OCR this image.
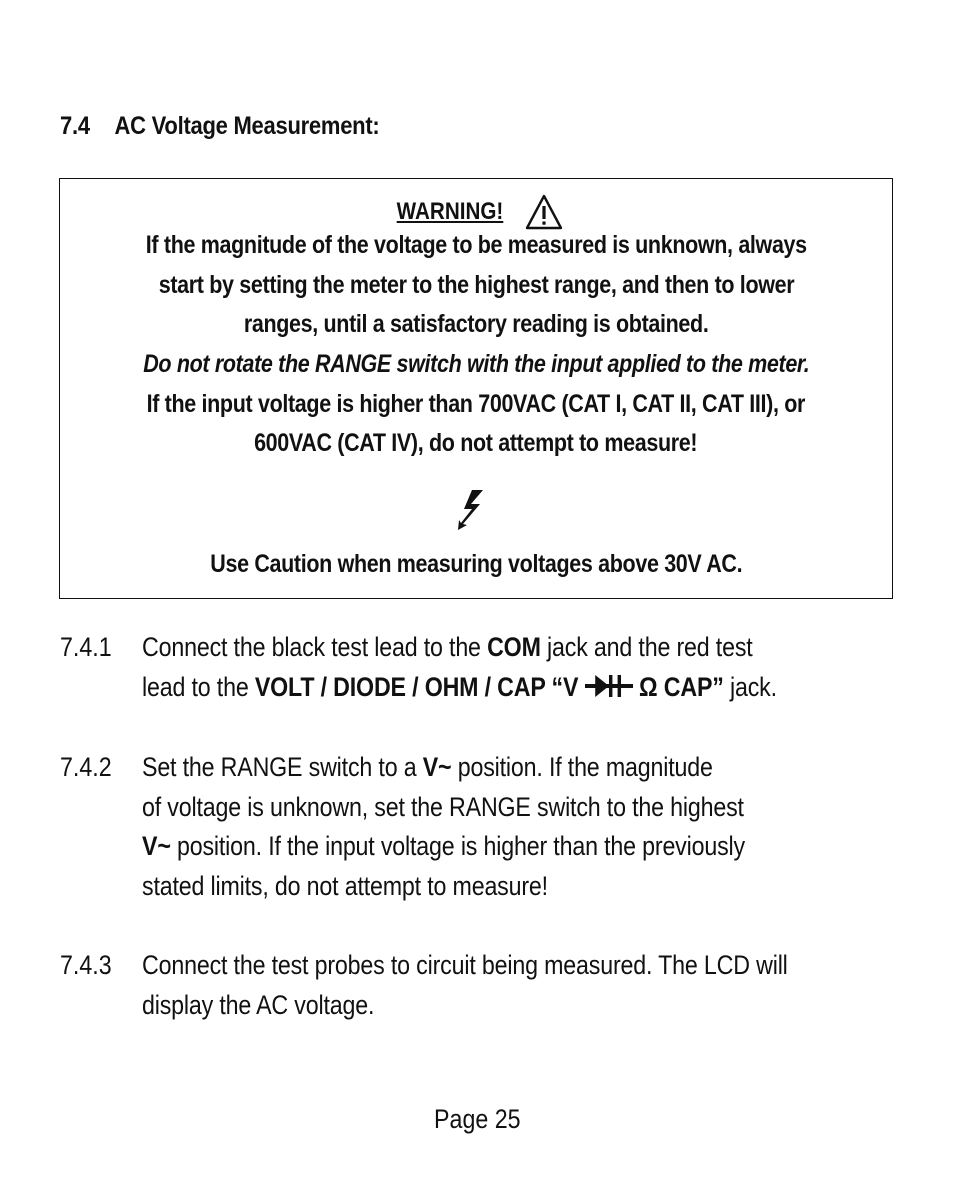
7.4 AC Voltage Measurement:
WARNING!
If the magnitude of the voltage to be measured is unknown, always
start by setting the meter to the highest range, and then to lower
ranges, until a satisfactory reading is obtained.
Do not rotate the RANGE switch with the input applied to the meter.
If the input voltage is higher than 700VAC (CAT I, CAT II, CAT III), or
600VAC (CAT IV), do not attempt to measure!
Use Caution when measuring voltages above 30V AC.
7.4.1	Connect the black test lead to the COM jack and the red test
lead to the VOLT / DIODE / OHM / CAP “V  Ω CAP” jack.
7.4.2	Set the RANGE switch to a V~ position. If the magnitude
of voltage is unknown, set the RANGE switch to the highest
V~ position. If the input voltage is higher than the previously
stated limits, do not attempt to measure!
7.4.3	Connect the test probes to circuit being measured. The LCD will
display the AC voltage.
Page 25
